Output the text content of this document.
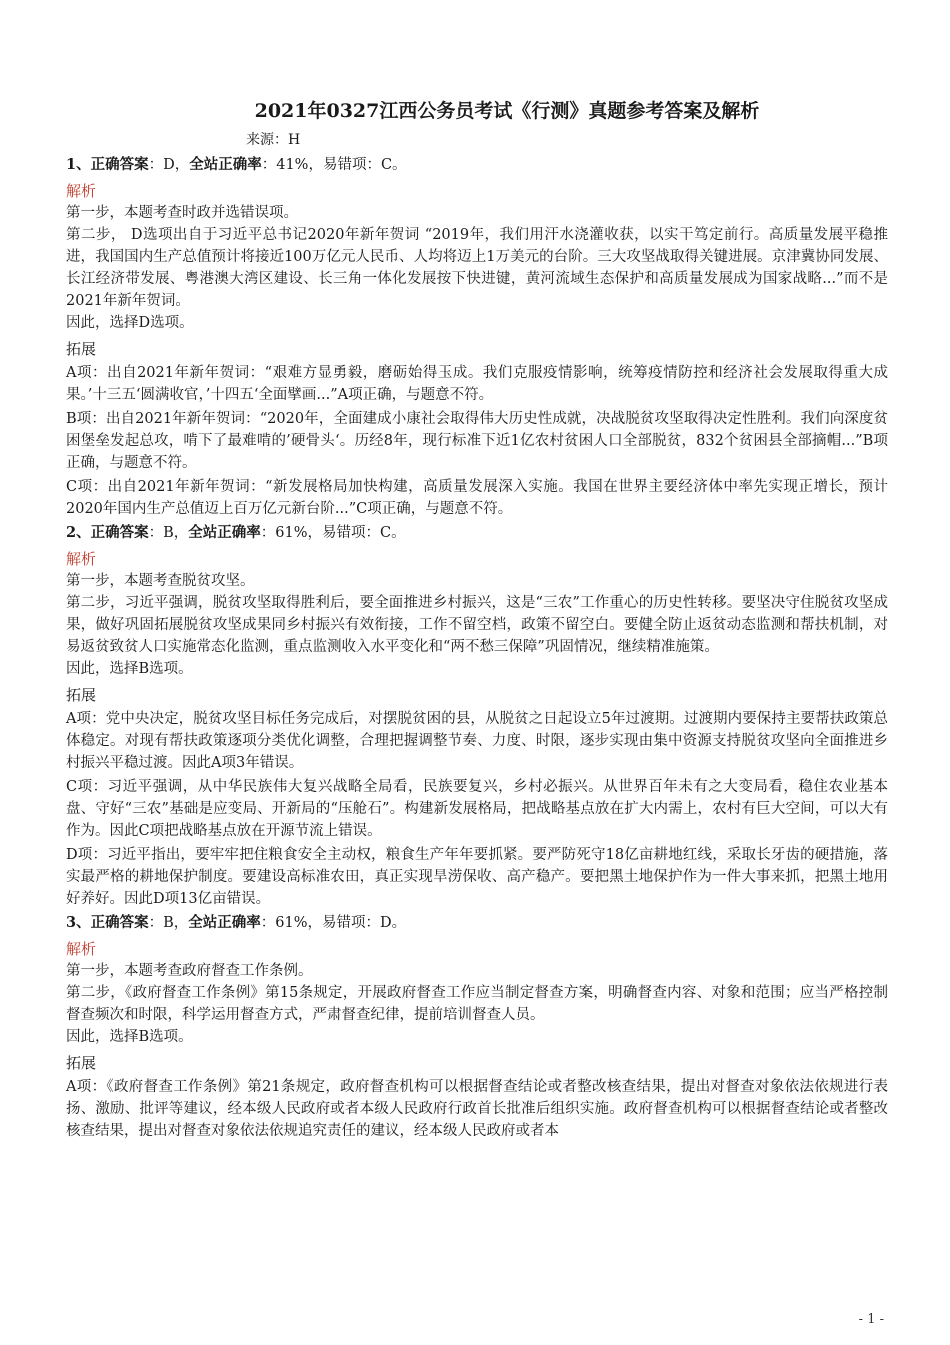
2021年0327江西公务员考试《行测》真题参考答案及解析
来源：H
1、正确答案：D，全站正确率：41%，易错项：C。
解析
第一步，本题考查时政并选错误项。
第二步， D选项出自于习近平总书记2020年新年贺词 “2019年，我们用汗水浇灌收获，以实干笃定前行。高质量发展平稳推进，我国国内生产总值预计将接近100万亿元人民币、人均将迈上1万美元的台阶。三大攻坚战取得关键进展。京津冀协同发展、长江经济带发展、粤港澳大湾区建设、长三角一体化发展按下快进键，黄河流域生态保护和高质量发展成为国家战略...”而不是2021年新年贺词。
因此，选择D选项。
拓展
A项：出自2021年新年贺词：“艰难方显勇毅，磨砺始得玉成。我们克服疫情影响，统筹疫情防控和经济社会发展取得重大成果。’十三五‘圆满收官，’十四五‘全面擘画...”A项正确，与题意不符。
B项：出自2021年新年贺词：“2020年，全面建成小康社会取得伟大历史性成就，决战脱贫攻坚取得决定性胜利。我们向深度贫困堡垒发起总攻，啃下了最难啃的’硬骨头‘。历经8年，现行标准下近1亿农村贫困人口全部脱贫，832个贫困县全部摘帽...”B项正确，与题意不符。
C项：出自2021年新年贺词：“新发展格局加快构建，高质量发展深入实施。我国在世界主要经济体中率先实现正增长，预计2020年国内生产总值迈上百万亿元新台阶...”C项正确，与题意不符。
2、正确答案：B，全站正确率：61%，易错项：C。
解析
第一步，本题考查脱贫攻坚。
第二步，习近平强调，脱贫攻坚取得胜利后，要全面推进乡村振兴，这是“三农”工作重心的历史性转移。要坚决守住脱贫攻坚成果，做好巩固拓展脱贫攻坚成果同乡村振兴有效衔接，工作不留空档，政策不留空白。要健全防止返贫动态监测和帮扶机制，对易返贫致贫人口实施常态化监测，重点监测收入水平变化和“两不愁三保障”巩固情况，继续精准施策。
因此，选择B选项。
拓展
A项：党中央决定，脱贫攻坚目标任务完成后，对摆脱贫困的县，从脱贫之日起设立5年过渡期。过渡期内要保持主要帮扶政策总体稳定。对现有帮扶政策逐项分类优化调整，合理把握调整节奏、力度、时限，逐步实现由集中资源支持脱贫攻坚向全面推进乡村振兴平稳过渡。因此A项3年错误。
C项：习近平强调，从中华民族伟大复兴战略全局看，民族要复兴，乡村必振兴。从世界百年未有之大变局看，稳住农业基本盘、守好“三农”基础是应变局、开新局的“压舱石”。构建新发展格局，把战略基点放在扩大内需上，农村有巨大空间，可以大有作为。因此C项把战略基点放在开源节流上错误。
D项：习近平指出，要牢牢把住粮食安全主动权，粮食生产年年要抓紧。要严防死守18亿亩耕地红线，采取长牙齿的硬措施，落实最严格的耕地保护制度。要建设高标准农田，真正实现旱涝保收、高产稳产。要把黑土地保护作为一件大事来抓，把黑土地用好养好。因此D项13亿亩错误。
3、正确答案：B，全站正确率：61%，易错项：D。
解析
第一步，本题考查政府督查工作条例。
第二步，《政府督查工作条例》第15条规定，开展政府督查工作应当制定督查方案，明确督查内容、对象和范围；应当严格控制督查频次和时限，科学运用督查方式，严肃督查纪律，提前培训督查人员。
因此，选择B选项。
拓展
A项：《政府督查工作条例》第21条规定，政府督查机构可以根据督查结论或者整改核查结果，提出对督查对象依法依规进行表扬、激励、批评等建议，经本级人民政府或者本级人民政府行政首长批准后组织实施。政府督查机构可以根据督查结论或者整改核查结果，提出对督查对象依法依规追究责任的建议，经本级人民政府或者本
- 1 -
